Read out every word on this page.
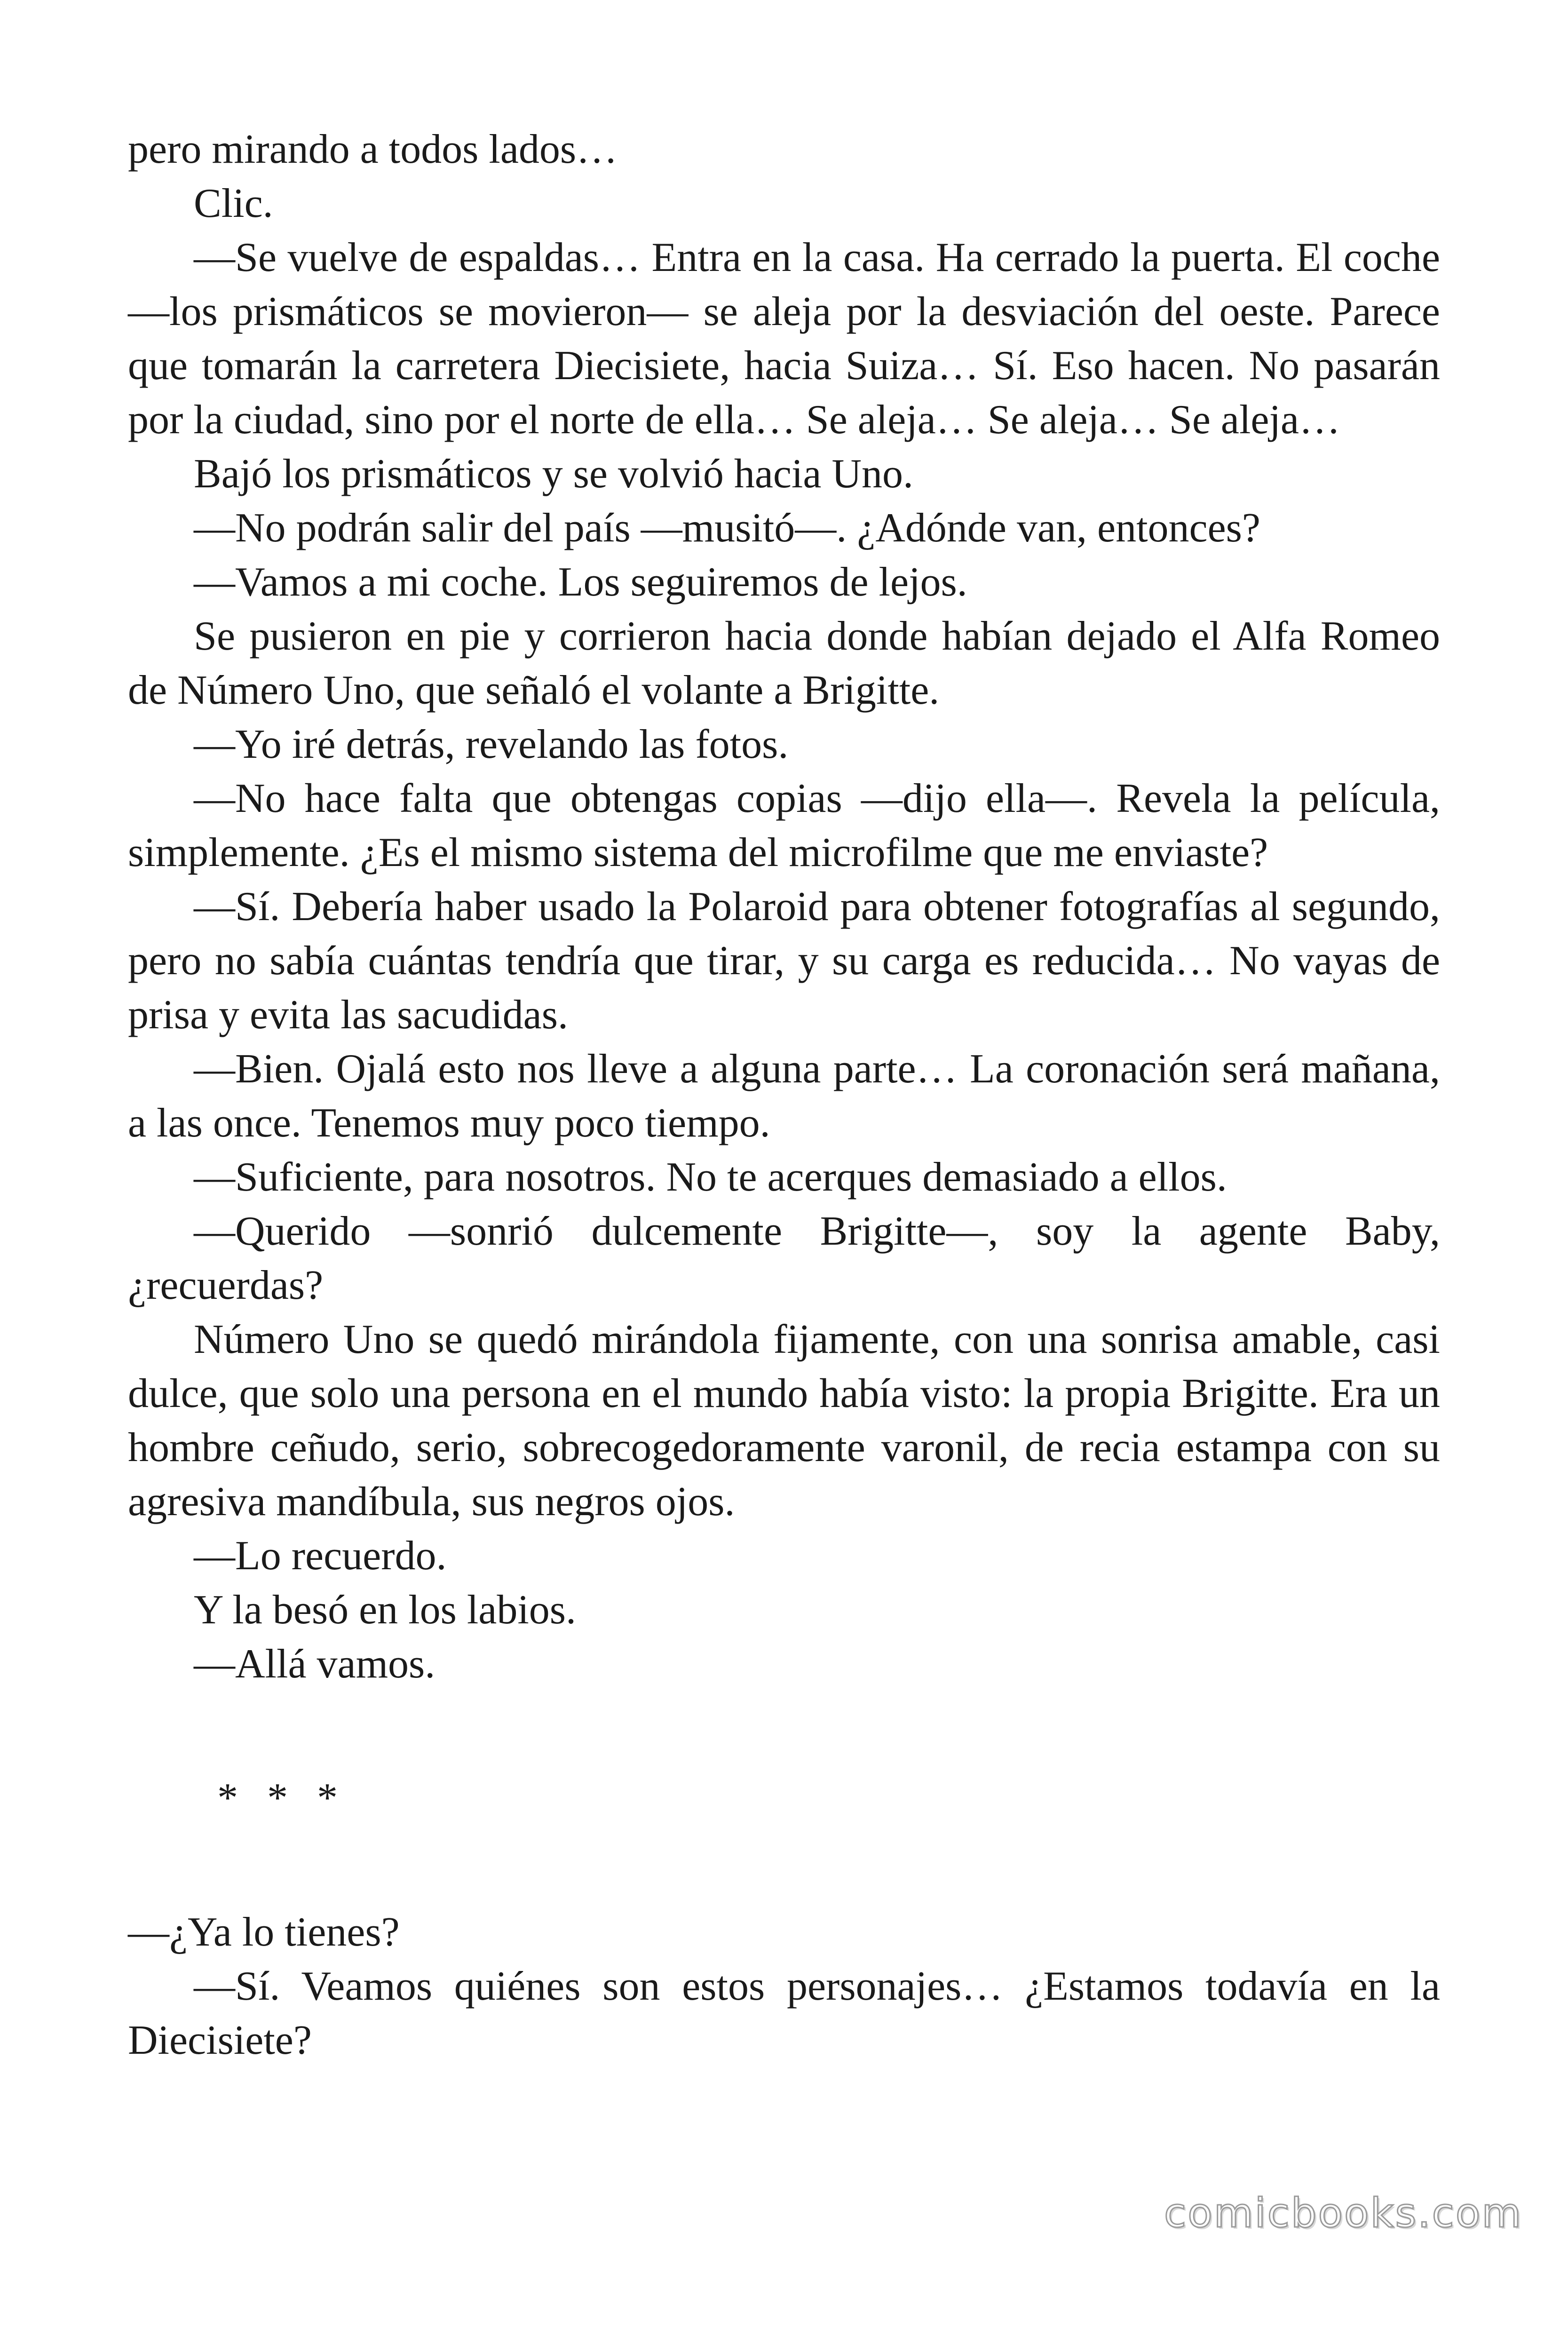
pero mirando a todos lados…

Clic.

—Se vuelve de espaldas… Entra en la casa. Ha cerrado la puerta. El coche —los prismáticos se movieron— se aleja por la desviación del oeste. Parece que tomarán la carretera Diecisiete, hacia Suiza… Sí. Eso hacen. No pasarán por la ciudad, sino por el norte de ella… Se aleja… Se aleja… Se aleja…

Bajó los prismáticos y se volvió hacia Uno.

—No podrán salir del país —musitó—. ¿Adónde van, entonces?

—Vamos a mi coche. Los seguiremos de lejos.

Se pusieron en pie y corrieron hacia donde habían dejado el Alfa Romeo de Número Uno, que señaló el volante a Brigitte.

—Yo iré detrás, revelando las fotos.

—No hace falta que obtengas copias —dijo ella—. Revela la película, simplemente. ¿Es el mismo sistema del microfilme que me enviaste?

—Sí. Debería haber usado la Polaroid para obtener fotografías al segundo, pero no sabía cuántas tendría que tirar, y su carga es reducida… No vayas de prisa y evita las sacudidas.

—Bien. Ojalá esto nos lleve a alguna parte… La coronación será mañana, a las once. Tenemos muy poco tiempo.

—Suficiente, para nosotros. No te acerques demasiado a ellos.

—Querido —sonrió dulcemente Brigitte—, soy la agente Baby, ¿recuerdas?

Número Uno se quedó mirándola fijamente, con una sonrisa amable, casi dulce, que solo una persona en el mundo había visto: la propia Brigitte. Era un hombre ceñudo, serio, sobrecogedoramente varonil, de recia estampa con su agresiva mandíbula, sus negros ojos.

—Lo recuerdo.

Y la besó en los labios.

—Allá vamos.

* * *

—¿Ya lo tienes?

—Sí. Veamos quiénes son estos personajes… ¿Estamos todavía en la Diecisiete?

comicbooks.com
